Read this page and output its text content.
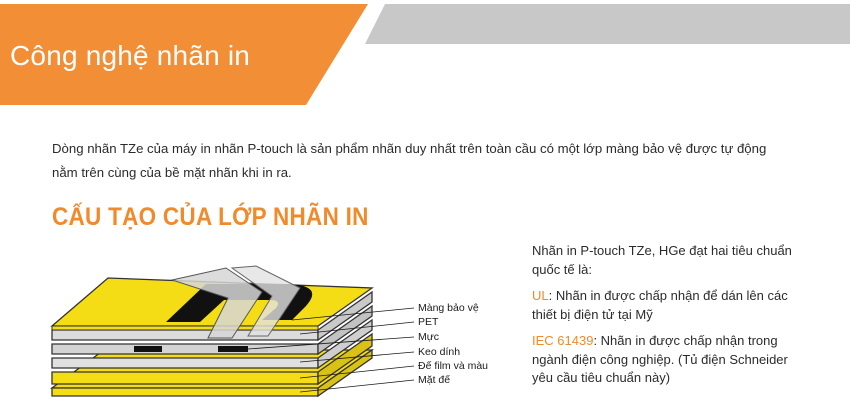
Công nghệ nhãn in
Dòng nhãn TZe của máy in nhãn P-touch là sản phẩm nhãn duy nhất trên toàn cầu có một lớp màng bảo vệ được tự động
nằm trên cùng của bề mặt nhãn khi in ra.
CẤU TẠO CỦA LỚP NHÃN IN
Màng bảo vệ
PET
Mực
Keo dính
Đế film và màu
Mặt đế

Nhãn in P-touch TZe, HGe đạt hai tiêu chuẩn quốc tế là:

UL: Nhãn in được chấp nhận để dán lên các thiết bị điện tử tại Mỹ

IEC 61439: Nhãn in được chấp nhận trong ngành điện công nghiệp. (Tủ điện Schneider yêu cầu tiêu chuẩn này)
